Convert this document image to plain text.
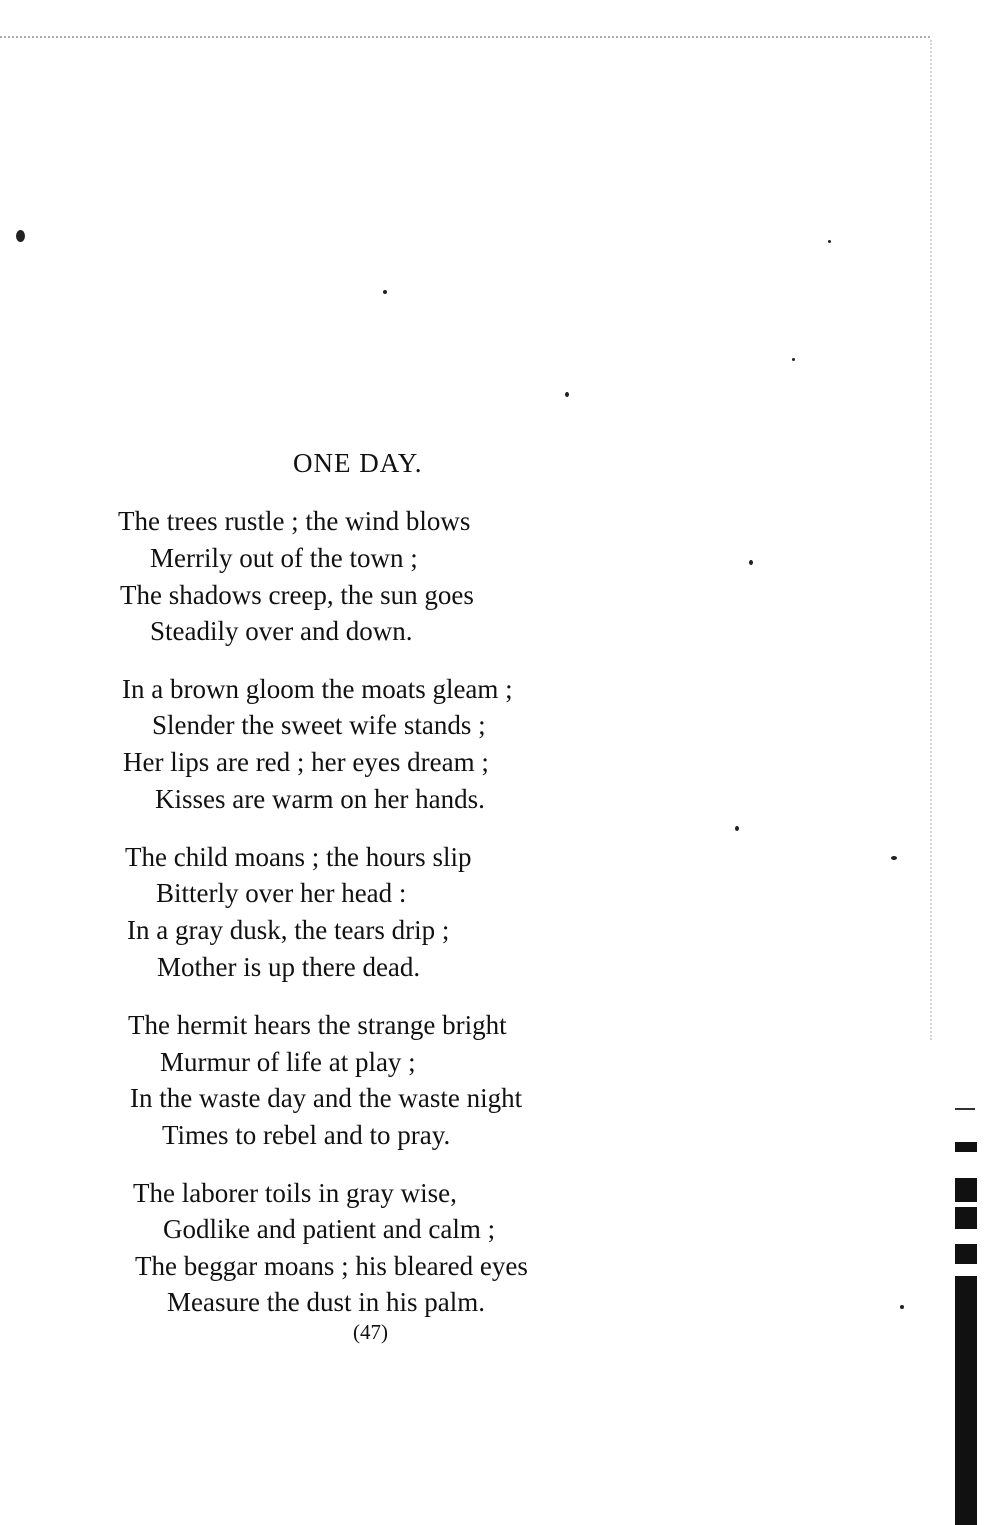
ONE DAY.
The trees rustle ; the wind blows
Merrily out of the town ;
The shadows creep, the sun goes
Steadily over and down.
In a brown gloom the moats gleam ;
Slender the sweet wife stands ;
Her lips are red ; her eyes dream ;
Kisses are warm on her hands.
The child moans ; the hours slip
Bitterly over her head :
In a gray dusk, the tears drip ;
Mother is up there dead.
The hermit hears the strange bright
Murmur of life at play ;
In the waste day and the waste night
Times to rebel and to pray.
The laborer toils in gray wise,
Godlike and patient and calm ;
The beggar moans ; his bleared eyes
Measure the dust in his palm.
(47)
